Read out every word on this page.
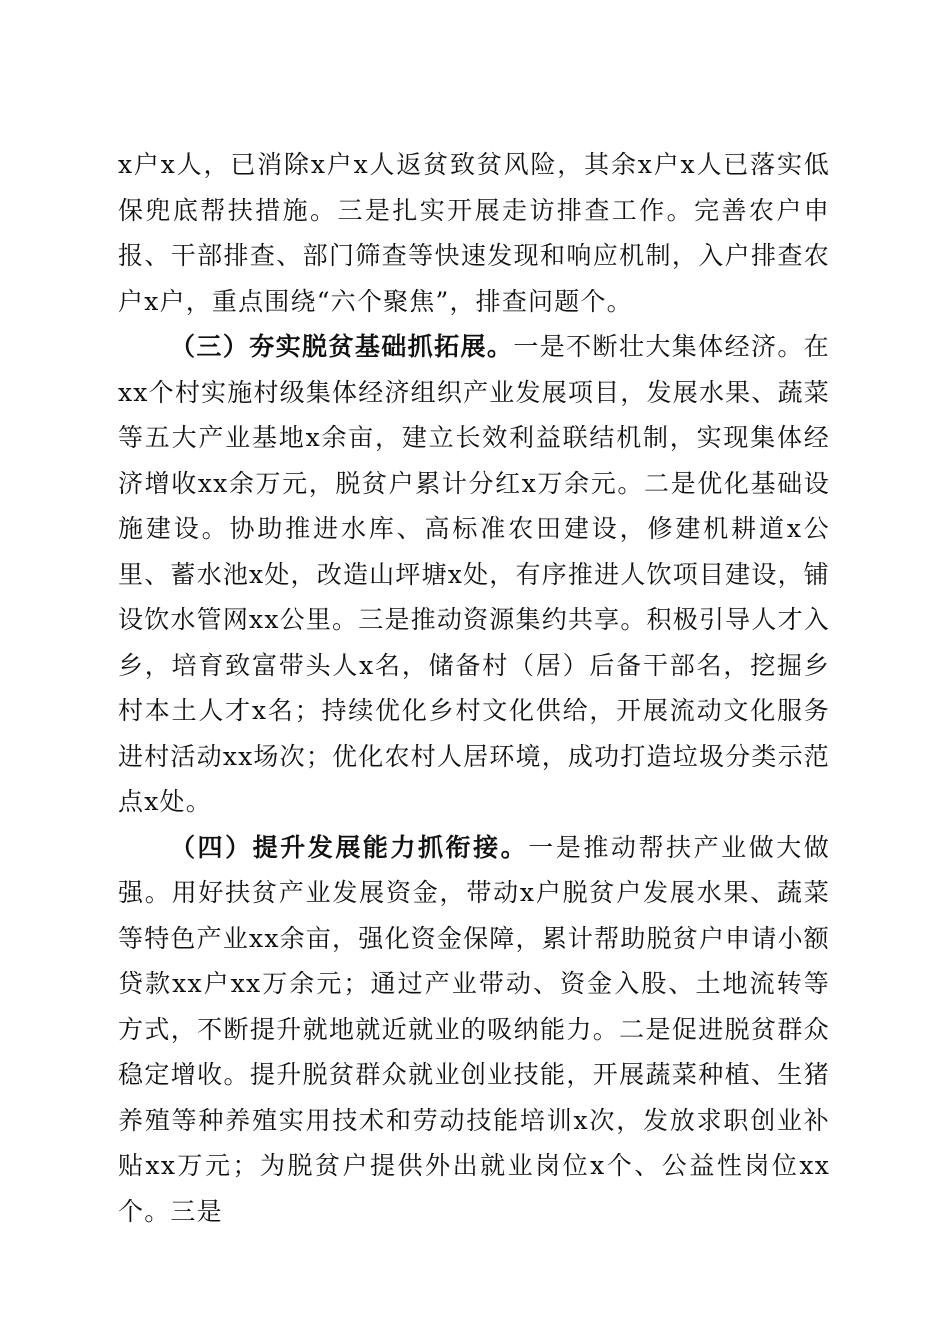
x户x人，已消除x户x人返贫致贫风险，其余x户x人已落实低保兜底帮扶措施。三是扎实开展走访排查工作。完善农户申报、干部排查、部门筛查等快速发现和响应机制，入户排查农户x户，重点围绕“六个聚焦”，排查问题个。

（三）夯实脱贫基础抓拓展。一是不断壮大集体经济。在xx个村实施村级集体经济组织产业发展项目，发展水果、蔬菜等五大产业基地x余亩，建立长效利益联结机制，实现集体经济增收xx余万元，脱贫户累计分红x万余元。二是优化基础设施建设。协助推进水库、高标准农田建设，修建机耕道x公里、蓄水池x处，改造山坪塘x处，有序推进人饮项目建设，铺设饮水管网xx公里。三是推动资源集约共享。积极引导人才入乡，培育致富带头人x名，储备村（居）后备干部名，挖掘乡村本土人才x名；持续优化乡村文化供给，开展流动文化服务进村活动xx场次；优化农村人居环境，成功打造垃圾分类示范点x处。

（四）提升发展能力抓衔接。一是推动帮扶产业做大做强。用好扶贫产业发展资金，带动x户脱贫户发展水果、蔬菜等特色产业xx余亩，强化资金保障，累计帮助脱贫户申请小额贷款xx户xx万余元；通过产业带动、资金入股、土地流转等方式，不断提升就地就近就业的吸纳能力。二是促进脱贫群众稳定增收。提升脱贫群众就业创业技能，开展蔬菜种植、生猪养殖等种养殖实用技术和劳动技能培训x次，发放求职创业补贴xx万元；为脱贫户提供外出就业岗位x个、公益性岗位xx个。三是
